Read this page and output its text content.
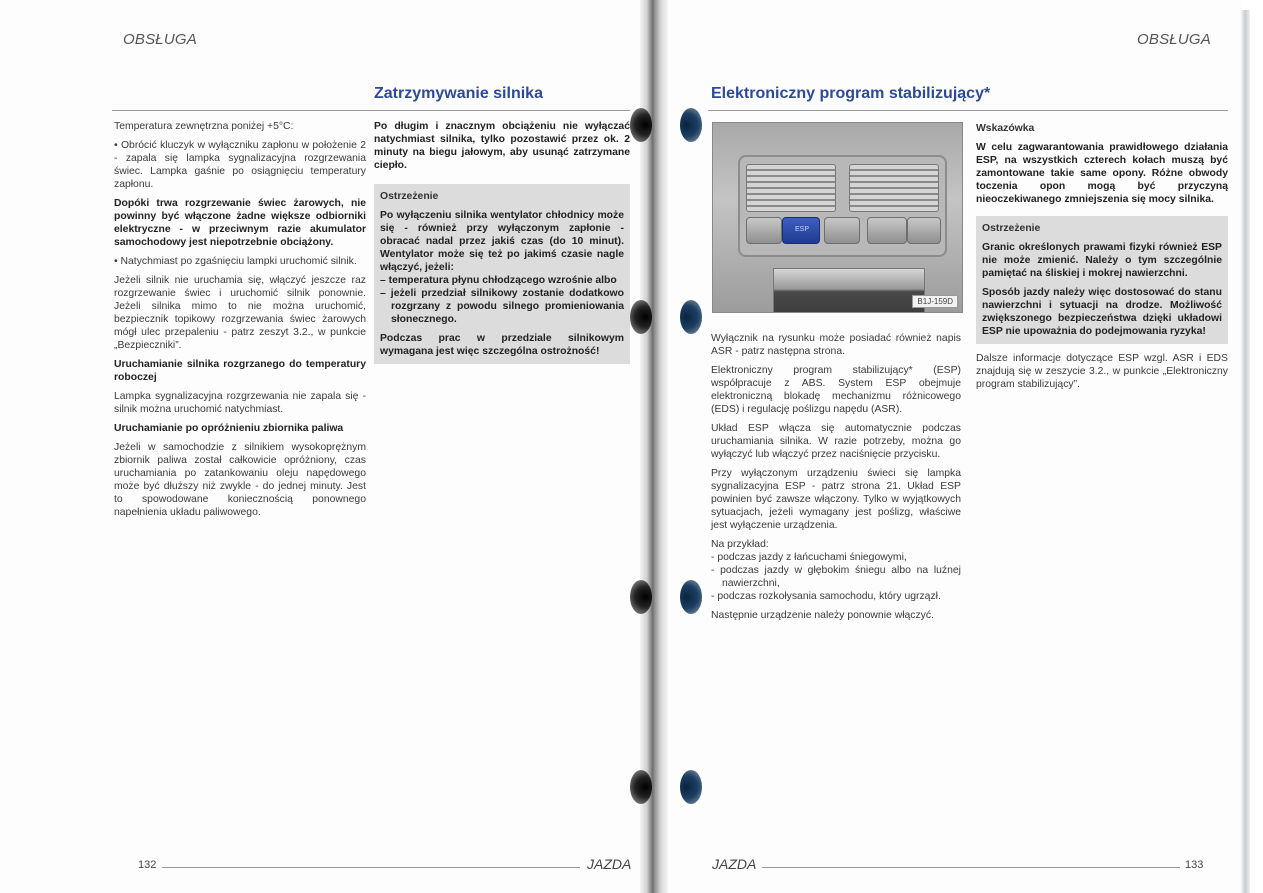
OBSŁUGA
Zatrzymywanie silnika

Temperatura zewnętrzna poniżej +5°C:

• Obrócić kluczyk w wyłączniku zapłonu w położenie 2 - zapala się lampka sygnalizacyjna rozgrzewania świec. Lampka gaśnie po osiągnięciu temperatury zapłonu.

Dopóki trwa rozgrzewanie świec żarowych, nie powinny być włączone żadne większe odbiorniki elektryczne - w przeciwnym razie akumulator samochodowy jest niepotrzebnie obciążony.

• Natychmiast po zgaśnięciu lampki uruchomić silnik.

Jeżeli silnik nie uruchamia się, włączyć jeszcze raz rozgrzewanie świec i uruchomić silnik ponownie. Jeżeli silnika mimo to nie można uruchomić, bezpiecznik topikowy rozgrzewania świec żarowych mógł ulec przepaleniu - patrz zeszyt 3.2., w punkcie „Bezpieczniki”.

Uruchamianie silnika rozgrzanego do temperatury roboczej

Lampka sygnalizacyjna rozgrzewania nie zapala się - silnik można uruchomić natychmiast.

Uruchamianie po opróżnieniu zbiornika paliwa

Jeżeli w samochodzie z silnikiem wysokoprężnym zbiornik paliwa został całkowicie opróżniony, czas uruchamiania po zatankowaniu oleju napędowego może być dłuższy niż zwykle - do jednej minuty. Jest to spowodowane koniecznością ponownego napełnienia układu paliwowego.

Po długim i znacznym obciążeniu nie wyłączać natychmiast silnika, tylko pozostawić przez ok. 2 minuty na biegu jałowym, aby usunąć zatrzymane ciepło.

Ostrzeżenie

Po wyłączeniu silnika wentylator chłodnicy może się - również przy wyłączonym zapłonie - obracać nadal przez jakiś czas (do 10 minut). Wentylator może się też po jakimś czasie nagle włączyć, jeżeli:

– temperatura płynu chłodzącego wzrośnie albo
– jeżeli przedział silnikowy zostanie dodatkowo rozgrzany z powodu silnego promieniowania słonecznego.

Podczas prac w przedziale silnikowym wymagana jest więc szczególna ostrożność!

132	JAZDA
OBSŁUGA
Elektroniczny program stabilizujący*
ESP
B1J-159D

Wyłącznik na rysunku może posiadać również napis ASR - patrz następna strona.

Elektroniczny program stabilizujący* (ESP) współpracuje z ABS. System ESP obejmuje elektroniczną blokadę mechanizmu różnicowego (EDS) i regulację poślizgu napędu (ASR).

Układ ESP włącza się automatycznie podczas uruchamiania silnika. W razie potrzeby, można go wyłączyć lub włączyć przez naciśnięcie przycisku.

Przy wyłączonym urządzeniu świeci się lampka sygnalizacyjna ESP - patrz strona 21. Układ ESP powinien być zawsze włączony. Tylko w wyjątkowych sytuacjach, jeżeli wymagany jest poślizg, właściwe jest wyłączenie urządzenia.

Na przykład:

- podczas jazdy z łańcuchami śniegowymi,
- podczas jazdy w głębokim śniegu albo na luźnej nawierzchni,
- podczas rozkołysania samochodu, który ugrzązł.

Następnie urządzenie należy ponownie włączyć.

Wskazówka

W celu zagwarantowania prawidłowego działania ESP, na wszystkich czterech kołach muszą być zamontowane takie same opony. Różne obwody toczenia opon mogą być przyczyną nieoczekiwanego zmniejszenia się mocy silnika.

Ostrzeżenie

Granic określonych prawami fizyki również ESP nie może zmienić. Należy o tym szczególnie pamiętać na śliskiej i mokrej nawierzchni.

Sposób jazdy należy więc dostosować do stanu nawierzchni i sytuacji na drodze. Możliwość zwiększonego bezpieczeństwa dzięki układowi ESP nie upoważnia do podejmowania ryzyka!

Dalsze informacje dotyczące ESP wzgl. ASR i EDS znajdują się w zeszycie 3.2., w punkcie „Elektroniczny program stabilizujący”.

JAZDA	133
